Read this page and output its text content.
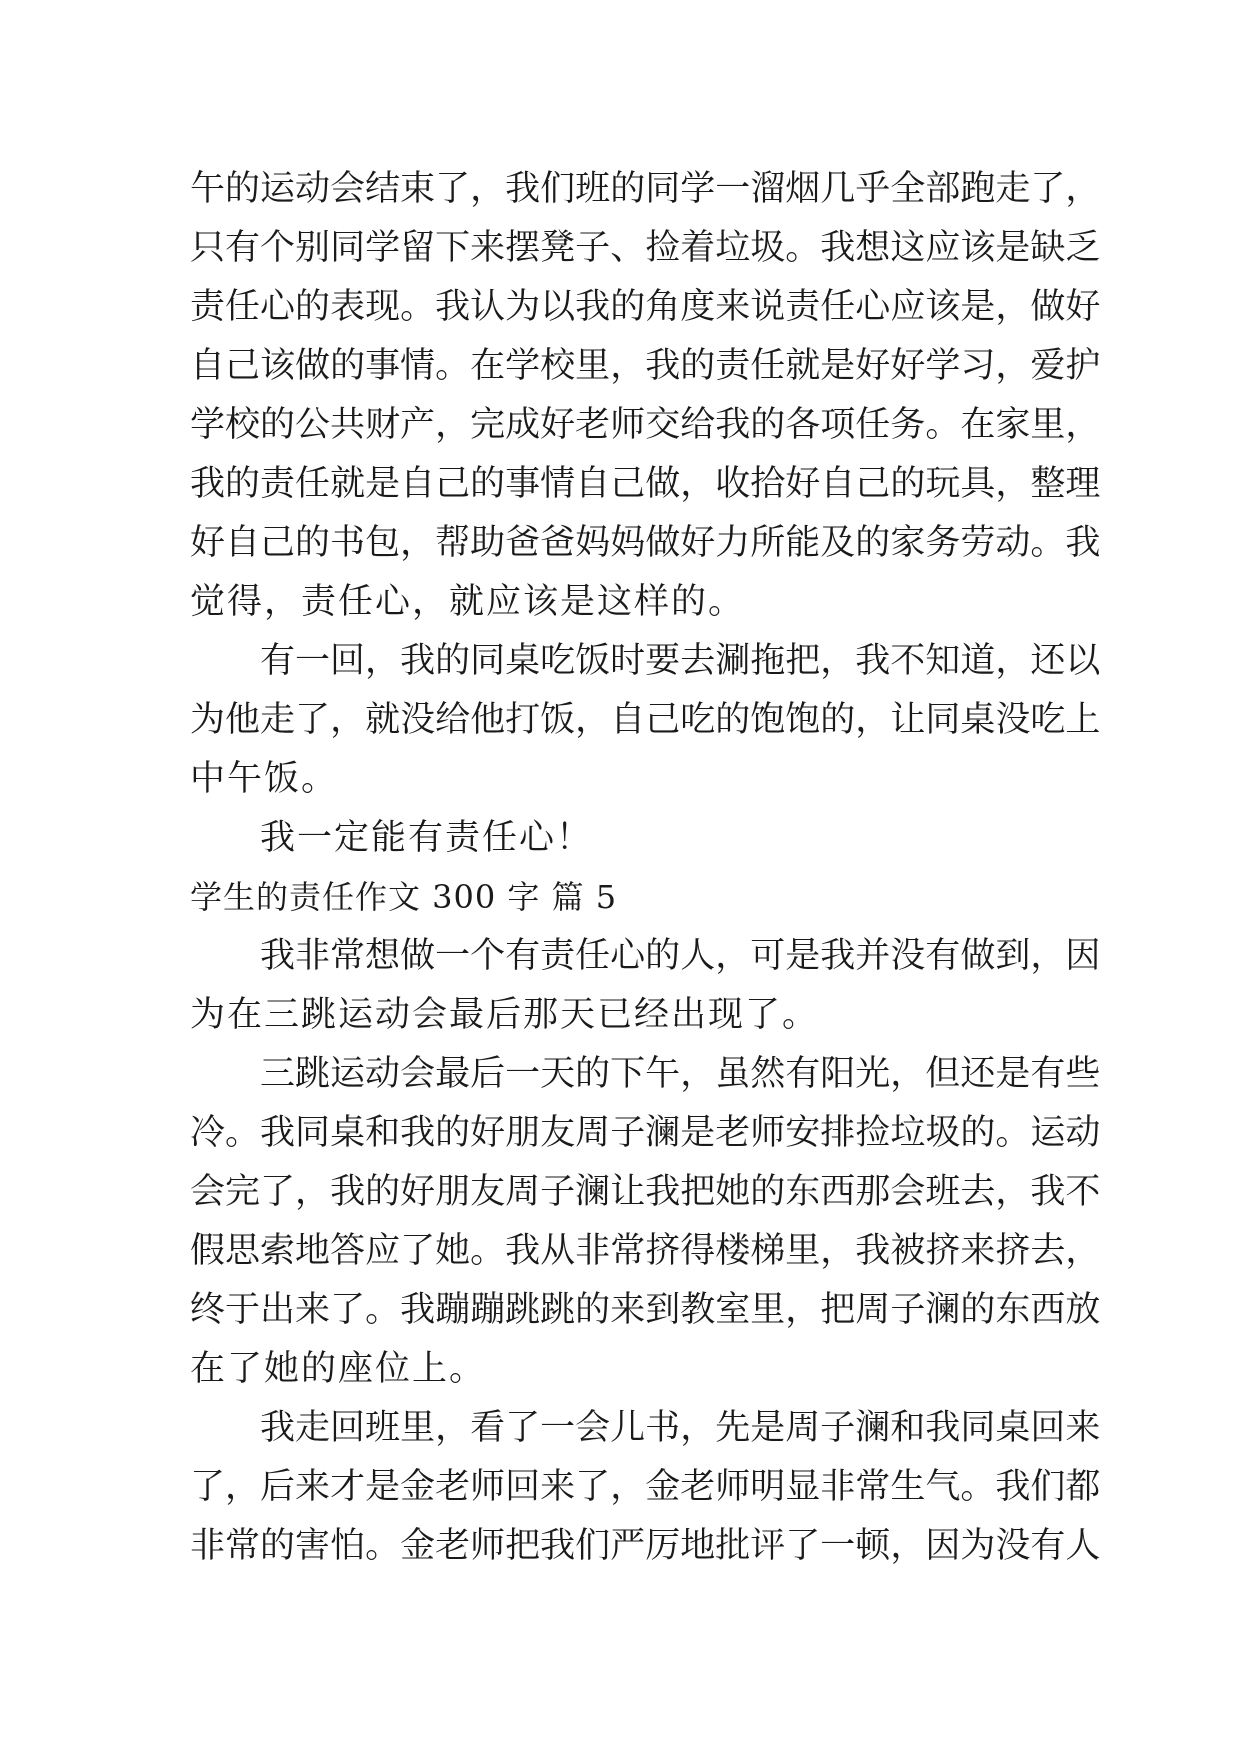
午 的 运 动 会 结 束 了 ， 我 们 班 的 同 学 一 溜 烟 几 乎 全 部 跑 走 了 ，
只 有 个 别 同 学 留 下 来 摆 凳 子 、 捡 着 垃 圾 。 我 想 这 应 该 是 缺 乏
责 任 心 的 表 现 。 我 认 为 以 我 的 角 度 来 说 责 任 心 应 该 是 ， 做 好
自 己 该 做 的 事 情 。 在 学 校 里 ， 我 的 责 任 就 是 好 好 学 习 ， 爱 护
学 校 的 公 共 财 产 ， 完 成 好 老 师 交 给 我 的 各 项 任 务 。 在 家 里 ，
我 的 责 任 就 是 自 己 的 事 情 自 己 做 ， 收 拾 好 自 己 的 玩 具 ， 整 理
好 自 己 的 书 包 ， 帮 助 爸 爸 妈 妈 做 好 力 所 能 及 的 家 务 劳 动 。 我
觉得，责任心，就应该是这样的。
有 一 回 ， 我 的 同 桌 吃 饭 时 要 去 涮 拖 把 ， 我 不 知 道 ， 还 以
为 他 走 了 ， 就 没 给 他 打 饭 ， 自 己 吃 的 饱 饱 的 ， 让 同 桌 没 吃 上
中午饭。
我一定能有责任心！
学生的责任作文 300 字 篇 5
我 非 常 想 做 一 个 有 责 任 心 的 人 ， 可 是 我 并 没 有 做 到 ， 因
为在三跳运动会最后那天已经出现了。
三 跳 运 动 会 最 后 一 天 的 下 午 ， 虽 然 有 阳 光 ， 但 还 是 有 些
冷 。 我 同 桌 和 我 的 好 朋 友 周 子 澜 是 老 师 安 排 捡 垃 圾 的 。 运 动
会 完 了 ， 我 的 好 朋 友 周 子 澜 让 我 把 她 的 东 西 那 会 班 去 ， 我 不
假 思 索 地 答 应 了 她 。 我 从 非 常 挤 得 楼 梯 里 ， 我 被 挤 来 挤 去 ，
终 于 出 来 了 。 我 蹦 蹦 跳 跳 的 来 到 教 室 里 ， 把 周 子 澜 的 东 西 放
在了她的座位上。
我 走 回 班 里 ， 看 了 一 会 儿 书 ， 先 是 周 子 澜 和 我 同 桌 回 来
了 ， 后 来 才 是 金 老 师 回 来 了 ， 金 老 师 明 显 非 常 生 气 。 我 们 都
非 常 的 害 怕 。 金 老 师 把 我 们 严 厉 地 批 评 了 一 顿 ， 因 为 没 有 人
